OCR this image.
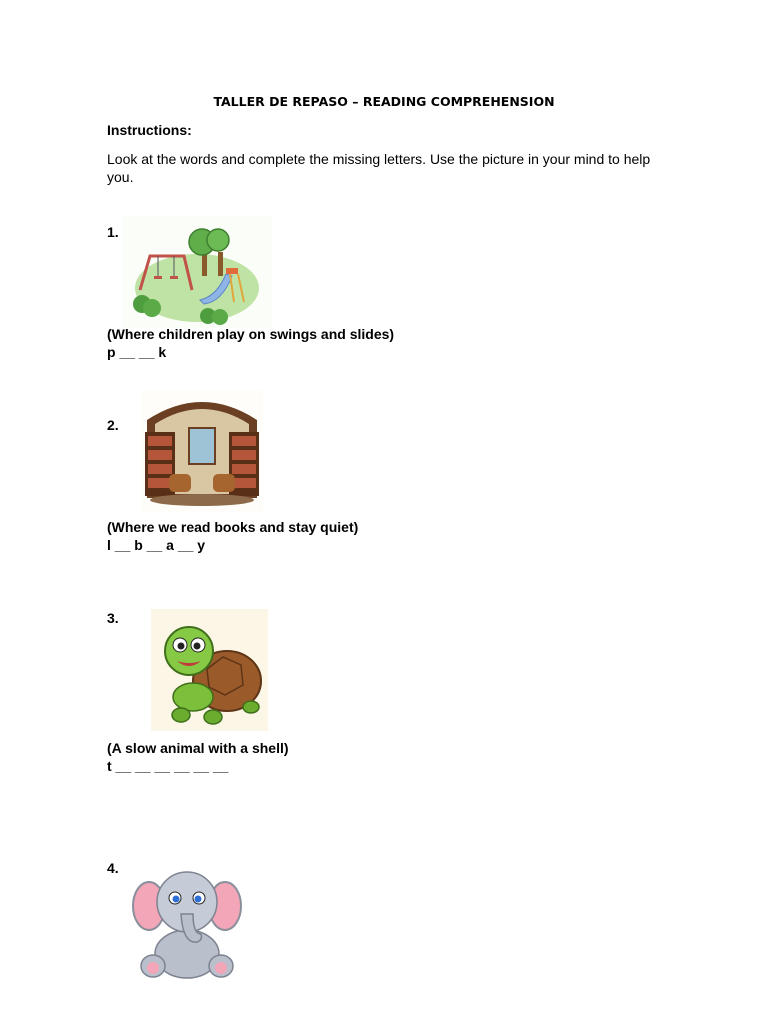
TALLER DE REPASO – READING COMPREHENSION
Instructions:
Look at the words and complete the missing letters. Use the picture in your mind to help you.
1.
(Where children play on swings and slides)
p __ __ k
2.
(Where we read books and stay quiet)
l __ b __ a __ y
3.
(A slow animal with a shell)
t __ __ __ __ __ __
4.
